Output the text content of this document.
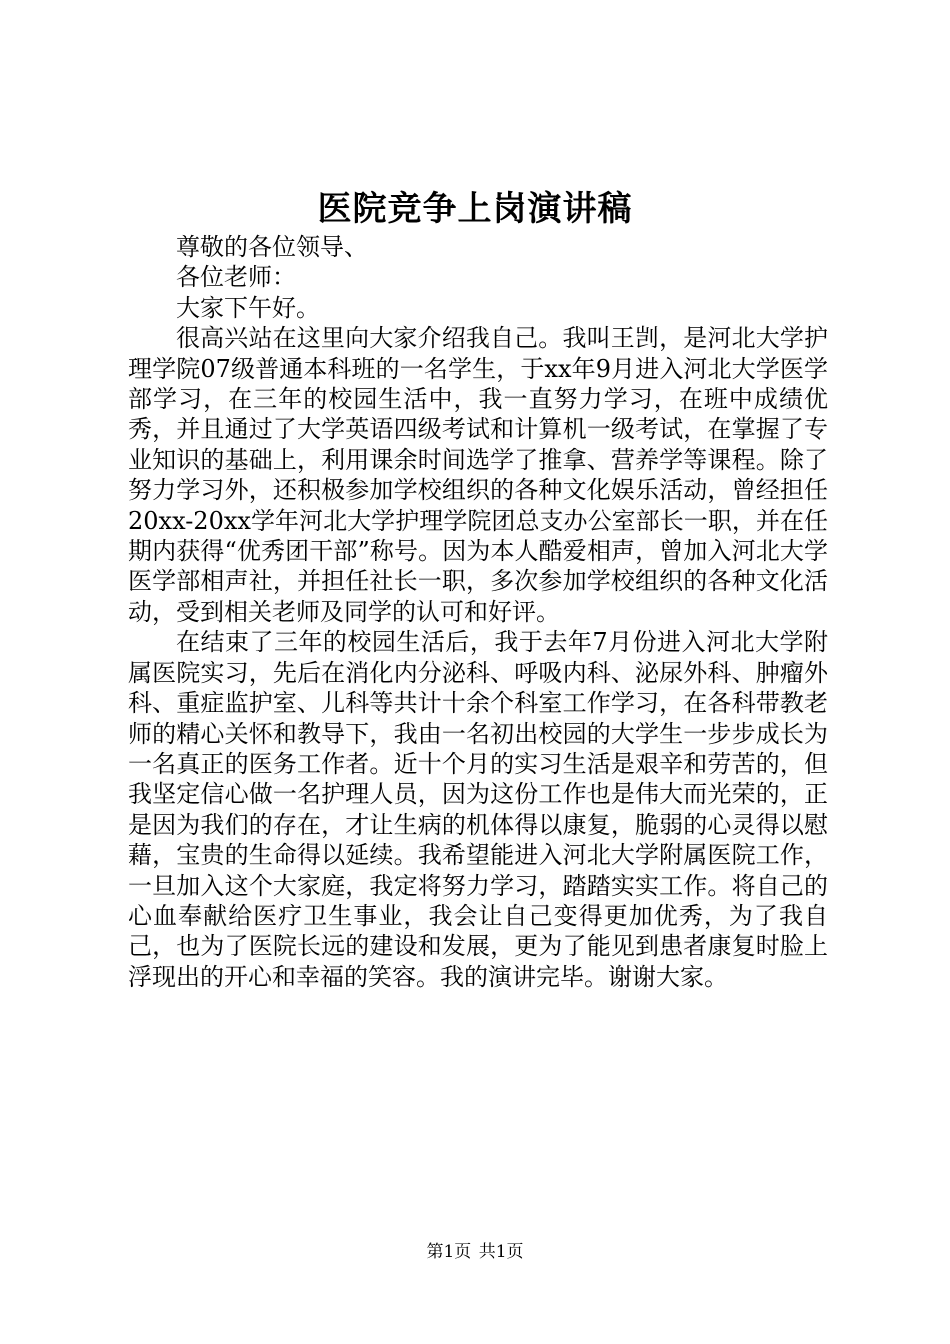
医院竞争上岗演讲稿

尊敬的各位领导、

各位老师：

大家下午好。

很高兴站在这里向大家介绍我自己。我叫王剀，是河北大学护理学院07级普通本科班的一名学生，于xx年9月进入河北大学医学部学习，在三年的校园生活中，我一直努力学习，在班中成绩优秀，并且通过了大学英语四级考试和计算机一级考试，在掌握了专业知识的基础上，利用课余时间选学了推拿、营养学等课程。除了努力学习外，还积极参加学校组织的各种文化娱乐活动，曾经担任20xx-20xx学年河北大学护理学院团总支办公室部长一职，并在任期内获得“优秀团干部”称号。因为本人酷爱相声，曾加入河北大学医学部相声社，并担任社长一职，多次参加学校组织的各种文化活动，受到相关老师及同学的认可和好评。

在结束了三年的校园生活后，我于去年7月份进入河北大学附属医院实习，先后在消化内分泌科、呼吸内科、泌尿外科、肿瘤外科、重症监护室、儿科等共计十余个科室工作学习，在各科带教老师的精心关怀和教导下，我由一名初出校园的大学生一步步成长为一名真正的医务工作者。近十个月的实习生活是艰辛和劳苦的，但我坚定信心做一名护理人员，因为这份工作也是伟大而光荣的，正是因为我们的存在，才让生病的机体得以康复，脆弱的心灵得以慰藉，宝贵的生命得以延续。我希望能进入河北大学附属医院工作，一旦加入这个大家庭，我定将努力学习，踏踏实实工作。将自己的心血奉献给医疗卫生事业，我会让自己变得更加优秀，为了我自己，也为了医院长远的建设和发展，更为了能见到患者康复时脸上浮现出的开心和幸福的笑容。我的演讲完毕。谢谢大家。

第1页 共1页
